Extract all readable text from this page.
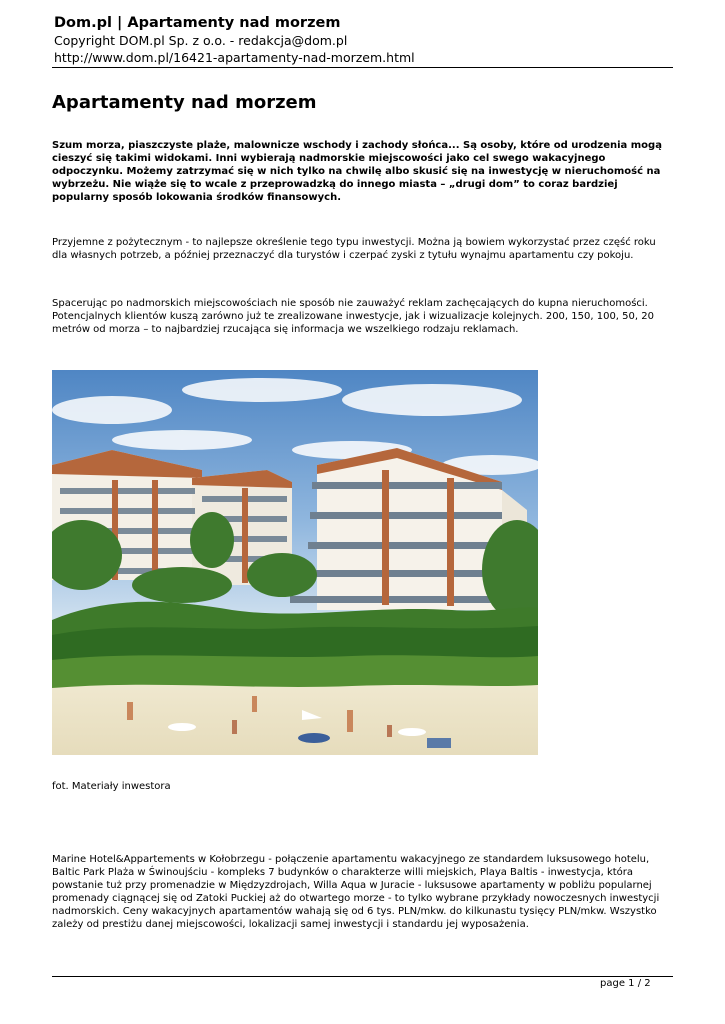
Dom.pl | Apartamenty nad morzem
Copyright DOM.pl Sp. z o.o. - redakcja@dom.pl
http://www.dom.pl/16421-apartamenty-nad-morzem.html
Apartamenty nad morzem

Szum morza, piaszczyste plaże, malownicze wschody i zachody słońca... Są osoby, które od urodzenia mogą cieszyć się takimi widokami. Inni wybierają nadmorskie miejscowości jako cel swego wakacyjnego odpoczynku. Możemy zatrzymać się w nich tylko na chwilę albo skusić się na inwestycję w nieruchomość na wybrzeżu. Nie wiąże się to wcale z przeprowadzką do innego miasta – „drugi dom” to coraz bardziej popularny sposób lokowania środków finansowych.

Przyjemne z pożytecznym - to najlepsze określenie tego typu inwestycji. Można ją bowiem wykorzystać przez część roku dla własnych potrzeb, a później przeznaczyć dla turystów i czerpać zyski z tytułu wynajmu apartamentu czy pokoju.

Spacerując po nadmorskich miejscowościach nie sposób nie zauważyć reklam zachęcających do kupna nieruchomości. Potencjalnych klientów kuszą zarówno już te zrealizowane inwestycje, jak i wizualizacje kolejnych. 200, 150, 100, 50, 20 metrów od morza – to najbardziej rzucająca się informacja we wszelkiego rodzaju reklamach.

fot. Materiały inwestora

Marine Hotel&Appartements w Kołobrzegu - połączenie apartamentu wakacyjnego ze standardem luksusowego hotelu, Baltic Park Plaża w Świnoujściu - kompleks 7 budynków o charakterze willi miejskich, Playa Baltis - inwestycja, która powstanie tuż przy promenadzie w Międzyzdrojach, Willa Aqua w Juracie - luksusowe apartamenty w pobliżu popularnej promenady ciągnącej się od Zatoki Puckiej aż do otwartego morze - to tylko wybrane przykłady nowoczesnych inwestycji nadmorskich. Ceny wakacyjnych apartamentów wahają się od 6 tys. PLN/mkw. do kilkunastu tysięcy PLN/mkw. Wszystko zależy od prestiżu danej miejscowości, lokalizacji samej inwestycji i standardu jej wyposażenia.

page 1 / 2
